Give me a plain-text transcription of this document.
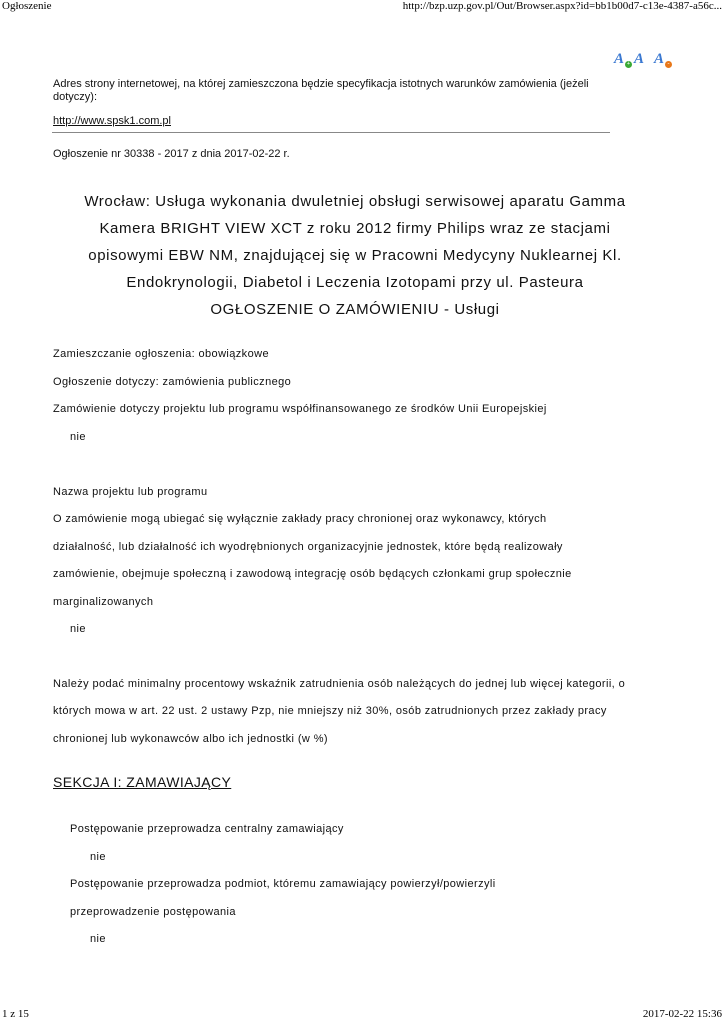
Ogłoszenie	http://bzp.uzp.gov.pl/Out/Browser.aspx?id=bb1b00d7-c13e-4387-a56c...
A + A A -
Adres strony internetowej, na której zamieszczona będzie specyfikacja istotnych warunków zamówienia (jeżeli
dotyczy):
http://www.spsk1.com.pl
Ogłoszenie nr 30338 - 2017 z dnia 2017-02-22 r.
Wrocław: Usługa wykonania dwuletniej obsługi serwisowej aparatu Gamma
Kamera BRIGHT VIEW XCT z roku 2012 firmy Philips wraz ze stacjami
opisowymi EBW NM, znajdującej się w Pracowni Medycyny Nuklearnej Kl.
Endokrynologii, Diabetol i Leczenia Izotopami przy ul. Pasteura
OGŁOSZENIE O ZAMÓWIENIU - Usługi
Zamieszczanie ogłoszenia: obowiązkowe
Ogłoszenie dotyczy: zamówienia publicznego
Zamówienie dotyczy projektu lub programu współfinansowanego ze środków Unii Europejskiej
nie
Nazwa projektu lub programu
O zamówienie mogą ubiegać się wyłącznie zakłady pracy chronionej oraz wykonawcy, których
działalność, lub działalność ich wyodrębnionych organizacyjnie jednostek, które będą realizowały
zamówienie, obejmuje społeczną i zawodową integrację osób będących członkami grup społecznie
marginalizowanych
nie
Należy podać minimalny procentowy wskaźnik zatrudnienia osób należących do jednej lub więcej kategorii, o
których mowa w art. 22 ust. 2 ustawy Pzp, nie mniejszy niż 30%, osób zatrudnionych przez zakłady pracy
chronionej lub wykonawców albo ich jednostki (w %)
SEKCJA I: ZAMAWIAJĄCY
Postępowanie przeprowadza centralny zamawiający
nie
Postępowanie przeprowadza podmiot, któremu zamawiający powierzył/powierzyli
przeprowadzenie postępowania
nie
1 z 15	2017-02-22 15:36
